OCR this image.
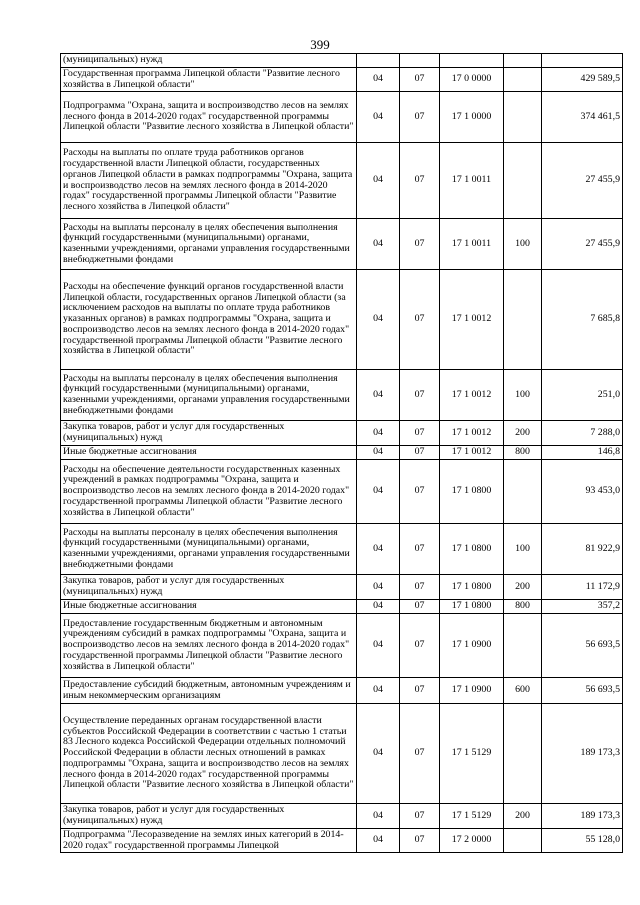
399
(муниципальных) нужд					
Государственная программа Липецкой области "Развитие лесного хозяйства в Липецкой области"	04	07	17 0 0000		429 589,5
Подпрограмма "Охрана, защита и воспроизводство лесов на землях лесного фонда в 2014-2020 годах" государственной программы Липецкой области "Развитие лесного хозяйства в Липецкой области"	04	07	17 1 0000		374 461,5
Расходы на выплаты по оплате труда работников органов государственной власти Липецкой области, государственных органов Липецкой области в рамках подпрограммы "Охрана, защита и воспроизводство лесов на землях лесного фонда в 2014-2020 годах" государственной программы Липецкой области "Развитие лесного хозяйства в Липецкой области"	04	07	17 1 0011		27 455,9
Расходы на выплаты персоналу в целях обеспечения выполнения функций государственными (муниципальными) органами, казенными учреждениями, органами управления государственными внебюджетными фондами	04	07	17 1 0011	100	27 455,9
Расходы на обеспечение функций органов государственной власти Липецкой области, государственных органов Липецкой области (за исключением расходов на выплаты по оплате труда работников указанных органов) в рамках подпрограммы "Охрана, защита и воспроизводство лесов на землях лесного фонда в 2014-2020 годах" государственной программы Липецкой области "Развитие лесного хозяйства в Липецкой области"	04	07	17 1 0012		7 685,8
Расходы на выплаты персоналу в целях обеспечения выполнения функций государственными (муниципальными) органами, казенными учреждениями, органами управления государственными внебюджетными фондами	04	07	17 1 0012	100	251,0
Закупка товаров, работ и услуг для государственных (муниципальных) нужд	04	07	17 1 0012	200	7 288,0
Иные бюджетные ассигнования	04	07	17 1 0012	800	146,8
Расходы на обеспечение деятельности государственных казенных учреждений в рамках подпрограммы "Охрана, защита и воспроизводство лесов на землях лесного фонда в 2014-2020 годах" государственной программы Липецкой области "Развитие лесного хозяйства в Липецкой области"	04	07	17 1 0800		93 453,0
Расходы на выплаты персоналу в целях обеспечения выполнения функций государственными (муниципальными) органами, казенными учреждениями, органами управления государственными внебюджетными фондами	04	07	17 1 0800	100	81 922,9
Закупка товаров, работ и услуг для государственных (муниципальных) нужд	04	07	17 1 0800	200	11 172,9
Иные бюджетные ассигнования	04	07	17 1 0800	800	357,2
Предоставление государственным бюджетным и автономным учреждениям субсидий в рамках подпрограммы "Охрана, защита и воспроизводство лесов на землях лесного фонда в 2014-2020 годах" государственной программы Липецкой области "Развитие лесного хозяйства в Липецкой области"	04	07	17 1 0900		56 693,5
Предоставление субсидий бюджетным, автономным учреждениям и иным некоммерческим организациям	04	07	17 1 0900	600	56 693,5
Осуществление переданных органам государственной власти субъектов Российской Федерации в соответствии с частью 1 статьи 83 Лесного кодекса Российской Федерации отдельных полномочий Российской Федерации в области лесных отношений в рамках подпрограммы "Охрана, защита и воспроизводство лесов на землях лесного фонда в 2014-2020 годах" государственной программы Липецкой области "Развитие лесного хозяйства в Липецкой области"	04	07	17 1 5129		189 173,3
Закупка товаров, работ и услуг для государственных (муниципальных) нужд	04	07	17 1 5129	200	189 173,3
Подпрограмма "Лесоразведение на землях иных категорий в 2014-2020 годах" государственной программы Липецкой	04	07	17 2 0000		55 128,0
